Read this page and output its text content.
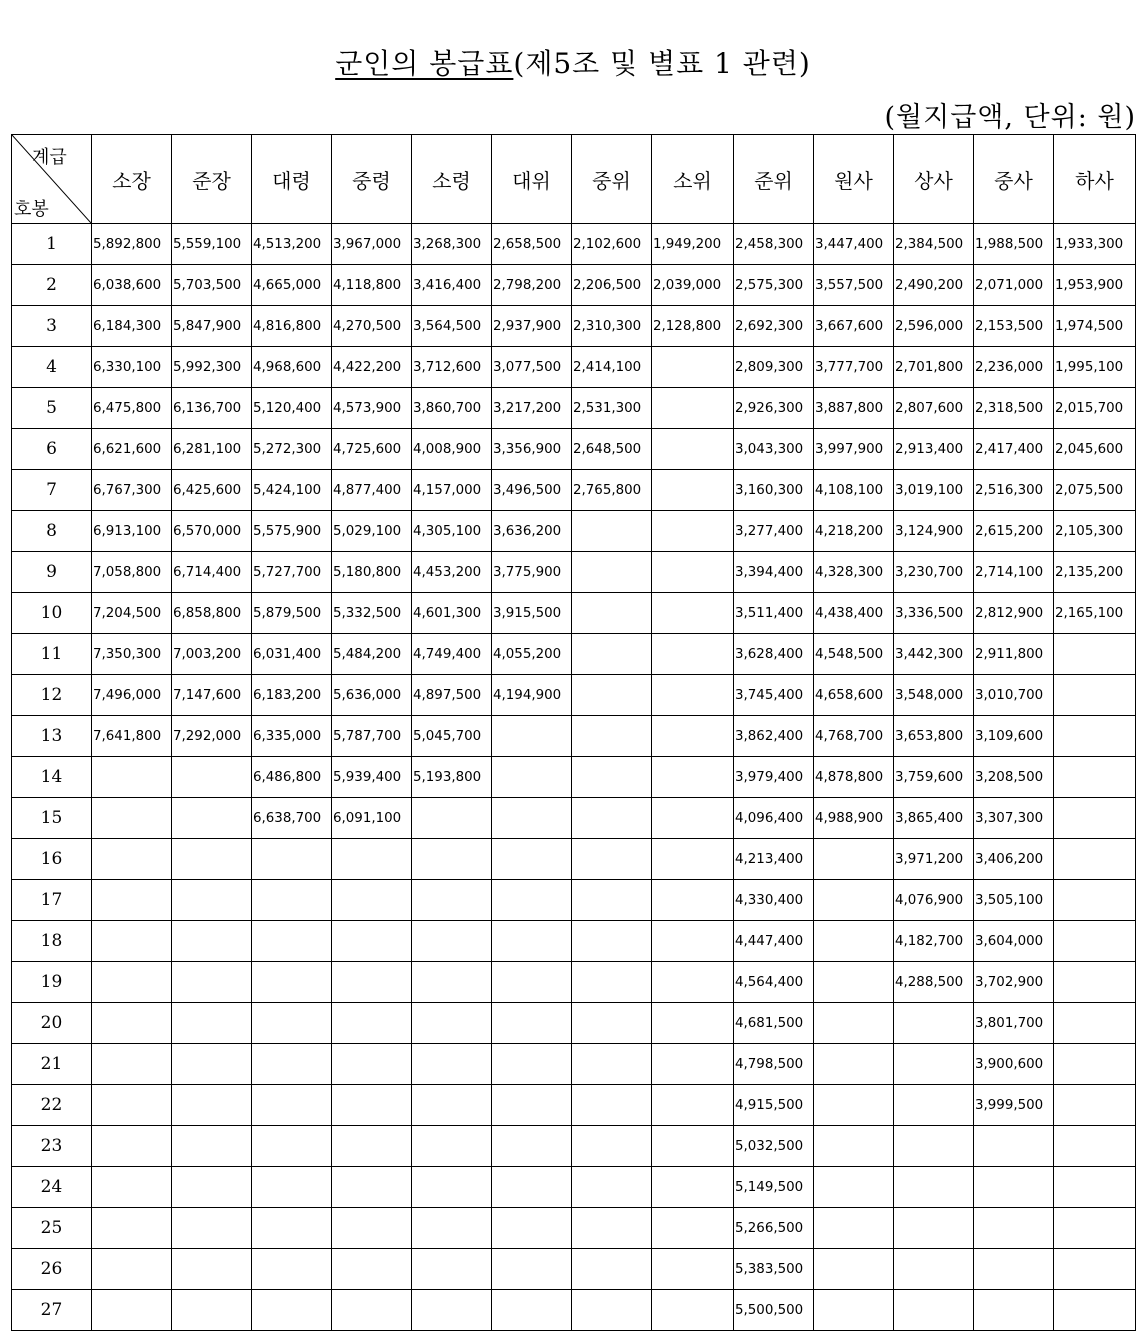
군인의 봉급표(제5조 및 별표 1 관련)
(월지급액, 단위: 원)
계급
호봉	소장	준장	대령	중령	소령	대위	중위	소위	준위	원사	상사	중사	하사
1	5,892,800	5,559,100	4,513,200	3,967,000	3,268,300	2,658,500	2,102,600	1,949,200	2,458,300	3,447,400	2,384,500	1,988,500	1,933,300
2	6,038,600	5,703,500	4,665,000	4,118,800	3,416,400	2,798,200	2,206,500	2,039,000	2,575,300	3,557,500	2,490,200	2,071,000	1,953,900
3	6,184,300	5,847,900	4,816,800	4,270,500	3,564,500	2,937,900	2,310,300	2,128,800	2,692,300	3,667,600	2,596,000	2,153,500	1,974,500
4	6,330,100	5,992,300	4,968,600	4,422,200	3,712,600	3,077,500	2,414,100		2,809,300	3,777,700	2,701,800	2,236,000	1,995,100
5	6,475,800	6,136,700	5,120,400	4,573,900	3,860,700	3,217,200	2,531,300		2,926,300	3,887,800	2,807,600	2,318,500	2,015,700
6	6,621,600	6,281,100	5,272,300	4,725,600	4,008,900	3,356,900	2,648,500		3,043,300	3,997,900	2,913,400	2,417,400	2,045,600
7	6,767,300	6,425,600	5,424,100	4,877,400	4,157,000	3,496,500	2,765,800		3,160,300	4,108,100	3,019,100	2,516,300	2,075,500
8	6,913,100	6,570,000	5,575,900	5,029,100	4,305,100	3,636,200			3,277,400	4,218,200	3,124,900	2,615,200	2,105,300
9	7,058,800	6,714,400	5,727,700	5,180,800	4,453,200	3,775,900			3,394,400	4,328,300	3,230,700	2,714,100	2,135,200
10	7,204,500	6,858,800	5,879,500	5,332,500	4,601,300	3,915,500			3,511,400	4,438,400	3,336,500	2,812,900	2,165,100
11	7,350,300	7,003,200	6,031,400	5,484,200	4,749,400	4,055,200			3,628,400	4,548,500	3,442,300	2,911,800	
12	7,496,000	7,147,600	6,183,200	5,636,000	4,897,500	4,194,900			3,745,400	4,658,600	3,548,000	3,010,700	
13	7,641,800	7,292,000	6,335,000	5,787,700	5,045,700				3,862,400	4,768,700	3,653,800	3,109,600	
14			6,486,800	5,939,400	5,193,800				3,979,400	4,878,800	3,759,600	3,208,500	
15			6,638,700	6,091,100					4,096,400	4,988,900	3,865,400	3,307,300	
16									4,213,400		3,971,200	3,406,200	
17									4,330,400		4,076,900	3,505,100	
18									4,447,400		4,182,700	3,604,000	
19									4,564,400		4,288,500	3,702,900	
20									4,681,500			3,801,700	
21									4,798,500			3,900,600	
22									4,915,500			3,999,500	
23									5,032,500				
24									5,149,500				
25									5,266,500				
26									5,383,500				
27									5,500,500				
